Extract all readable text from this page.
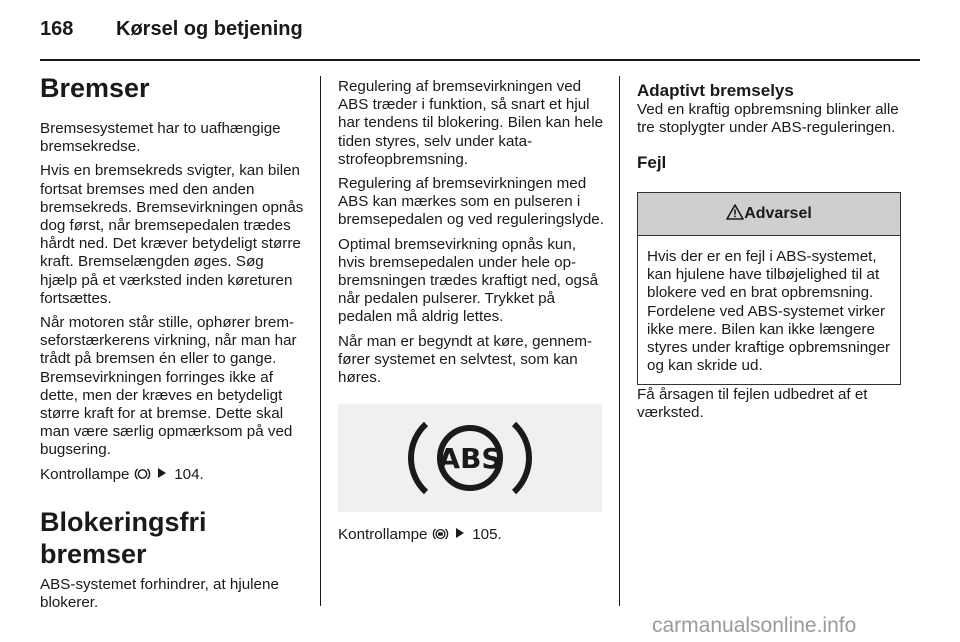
168 Kørsel og betjening
Bremser

Bremsesystemet har to uafhængige bremsekredse.

Hvis en bremsekreds svigter, kan bilen fortsat bremses med den anden bremsekreds. Bremsevirkningen opnås dog først, når bremsepedalen trædes hårdt ned. Det kræver betydeligt større kraft. Bremselængden øges. Søg hjælp på et værksted inden køreturen fortsættes.

Når motoren står stille, ophører bremseforstærkerens virkning, når man har trådt på bremsen én eller to gange. Bremsevirkningen forringes ikke af dette, men der kræves en betydeligt større kraft for at bremse. Dette skal man være særlig opmærksom på ved bugsering.

Kontrollampe	104.

Blokeringsfri bremser

ABS-systemet forhindrer, at hjulene blokerer.

Regulering af bremsevirkningen ved ABS træder i funktion, så snart et hjul har tendens til blokering. Bilen kan hele tiden styres, selv under katastrofeopbremsning.

Regulering af bremsevirkningen med ABS kan mærkes som en pulseren i bremsepedalen og ved reguleringslyde.

Optimal bremsevirkning opnås kun, hvis bremsepedalen under hele opbremsningen trædes kraftigt ned, også når pedalen pulserer. Trykket på pedalen må aldrig lettes.

Når man er begyndt at køre, gennemfører systemet en selvtest, som kan høres.

ABS
Kontrollampe	105.
Adaptivt bremselys

Ved en kraftig opbremsning blinker alle tre stoplygter under ABS-reguleringen.

Fejl
Advarsel
Hvis der er en fejl i ABS-systemet, kan hjulene have tilbøjelighed til at blokere ved en brat opbremsning. Fordelene ved ABS-systemet virker ikke mere. Bilen kan ikke længere styres under kraftige opbremsninger og kan skride ud.

Få årsagen til fejlen udbedret af et værksted.

carmanualsonline.info
